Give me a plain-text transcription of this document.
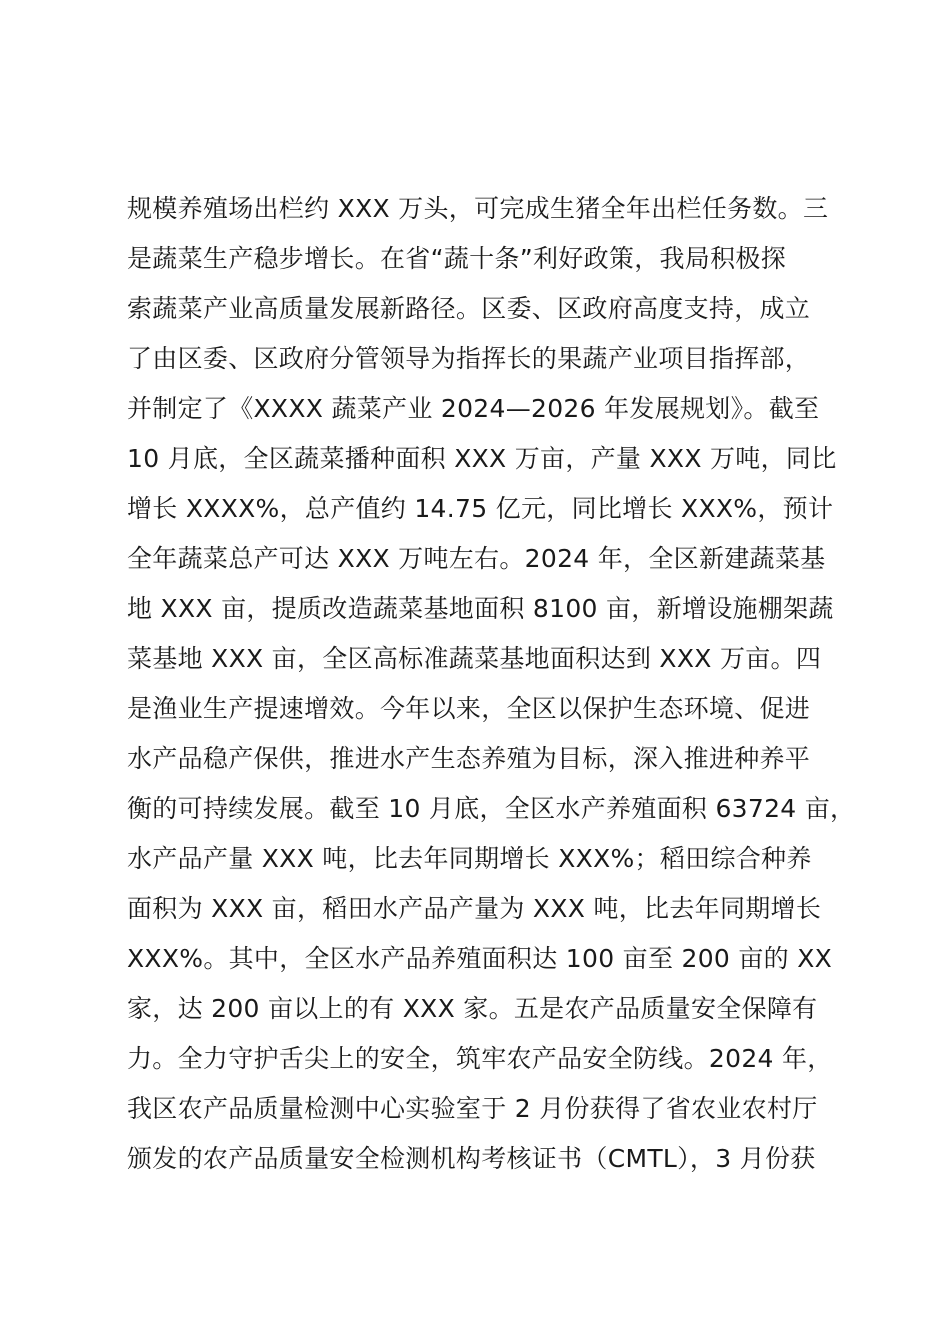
规模养殖场出栏约 XXX 万头，可完成生猪全年出栏任务数。三
是蔬菜生产稳步增长。在省“蔬十条”利好政策，我局积极探
索蔬菜产业高质量发展新路径。区委、区政府高度支持，成立
了由区委、区政府分管领导为指挥长的果蔬产业项目指挥部，
并制定了《XXXX 蔬菜产业 2024—2026 年发展规划》。截至
10 月底，全区蔬菜播种面积 XXX 万亩，产量 XXX 万吨，同比
增长 XXXX%，总产值约 14.75 亿元，同比增长 XXX%，预计
全年蔬菜总产可达 XXX 万吨左右。2024 年，全区新建蔬菜基
地 XXX 亩，提质改造蔬菜基地面积 8100 亩，新增设施棚架蔬
菜基地 XXX 亩，全区高标准蔬菜基地面积达到 XXX 万亩。四
是渔业生产提速增效。今年以来，全区以保护生态环境、促进
水产品稳产保供，推进水产生态养殖为目标，深入推进种养平
衡的可持续发展。截至 10 月底，全区水产养殖面积 63724 亩，
水产品产量 XXX 吨，比去年同期增长 XXX%；稻田综合种养
面积为 XXX 亩，稻田水产品产量为 XXX 吨，比去年同期增长
XXX%。其中，全区水产品养殖面积达 100 亩至 200 亩的 XX
家，达 200 亩以上的有 XXX 家。五是农产品质量安全保障有
力。全力守护舌尖上的安全，筑牢农产品安全防线。2024 年，
我区农产品质量检测中心实验室于 2 月份获得了省农业农村厅
颁发的农产品质量安全检测机构考核证书（CMTL），3 月份获
